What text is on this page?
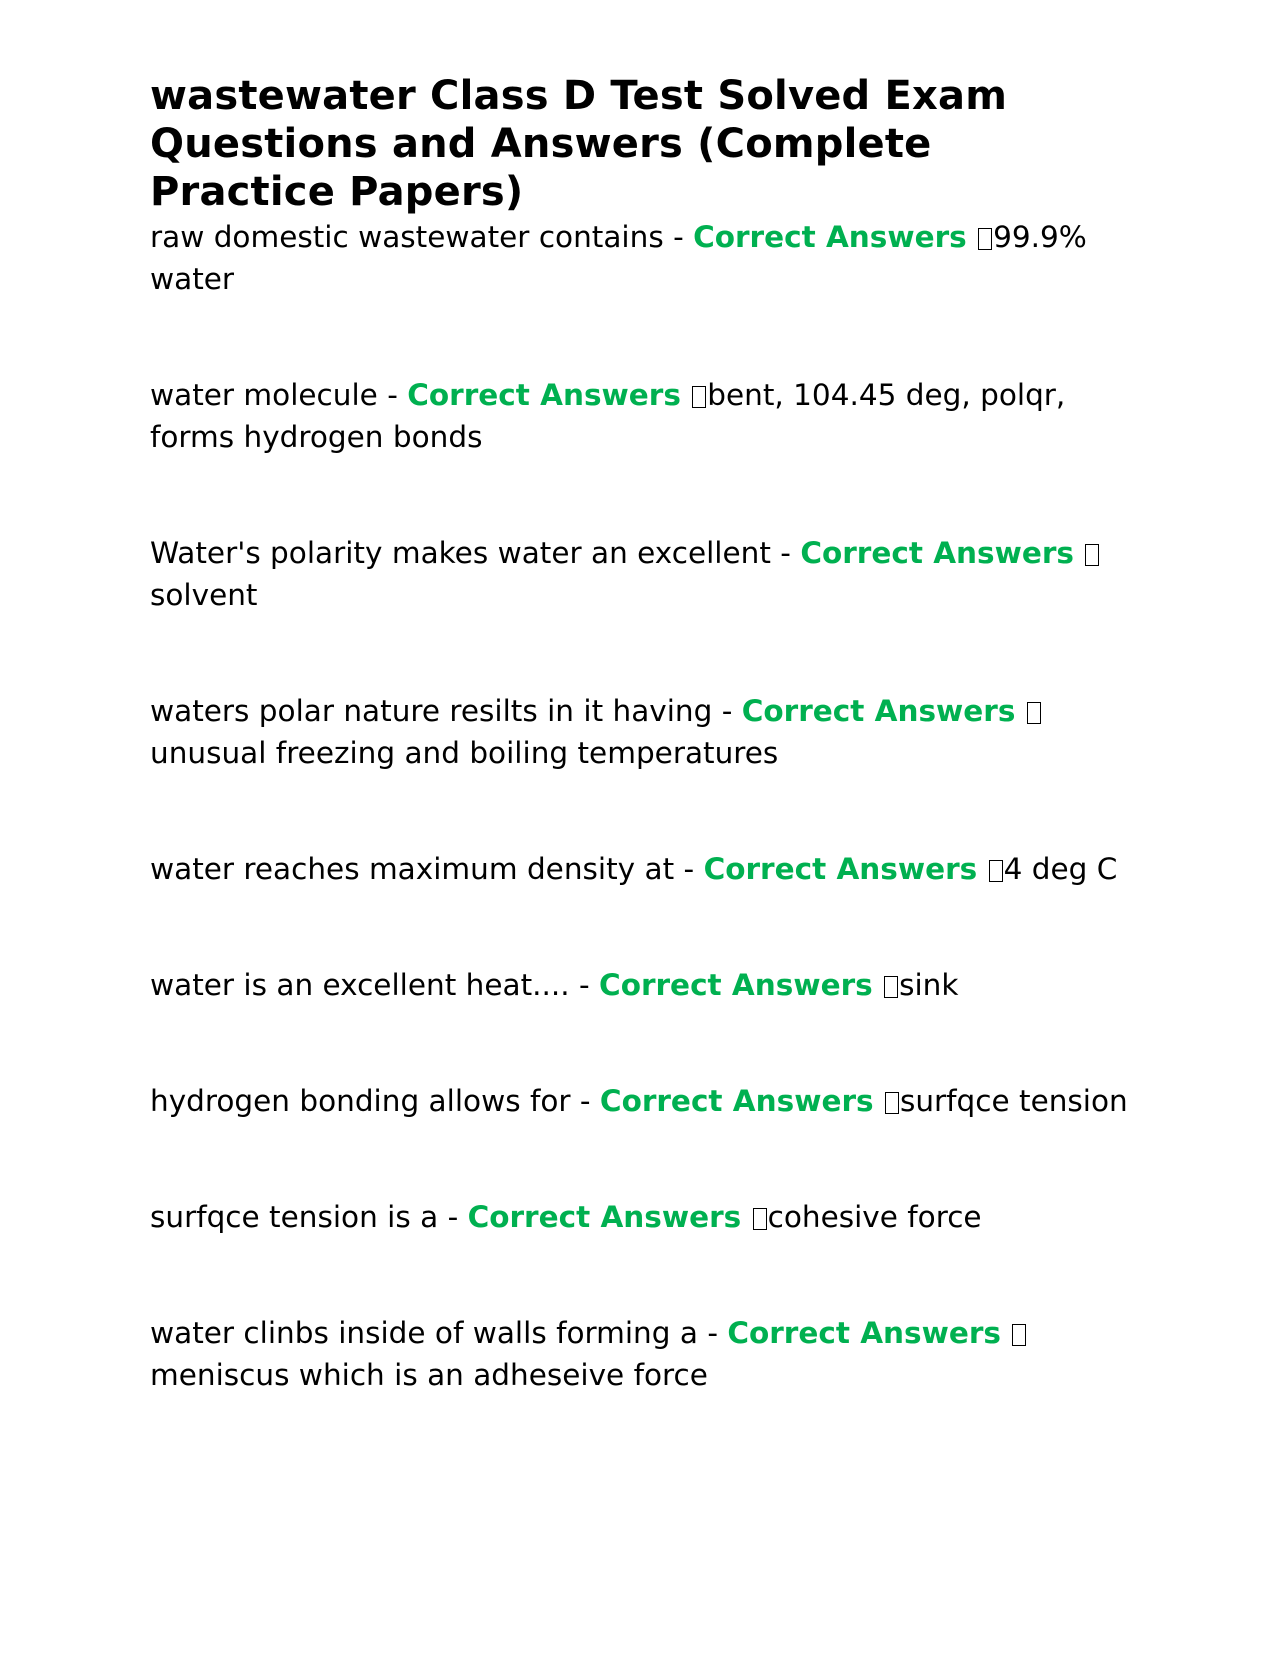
wastewater Class D Test Solved Exam Questions and Answers (Complete Practice Papers)

raw domestic wastewater contains - Correct Answers 99.9% water

water molecule - Correct Answers bent, 104.45 deg, polqr, forms hydrogen bonds

Water's polarity makes water an excellent - Correct Answers solvent

waters polar nature resilts in it having - Correct Answers unusual freezing and boiling temperatures

water reaches maximum density at - Correct Answers 4 deg C

water is an excellent heat.... - Correct Answers sink

hydrogen bonding allows for - Correct Answers surfqce tension

surfqce tension is a - Correct Answers cohesive force

water clinbs inside of walls forming a - Correct Answers meniscus which is an adheseive force
